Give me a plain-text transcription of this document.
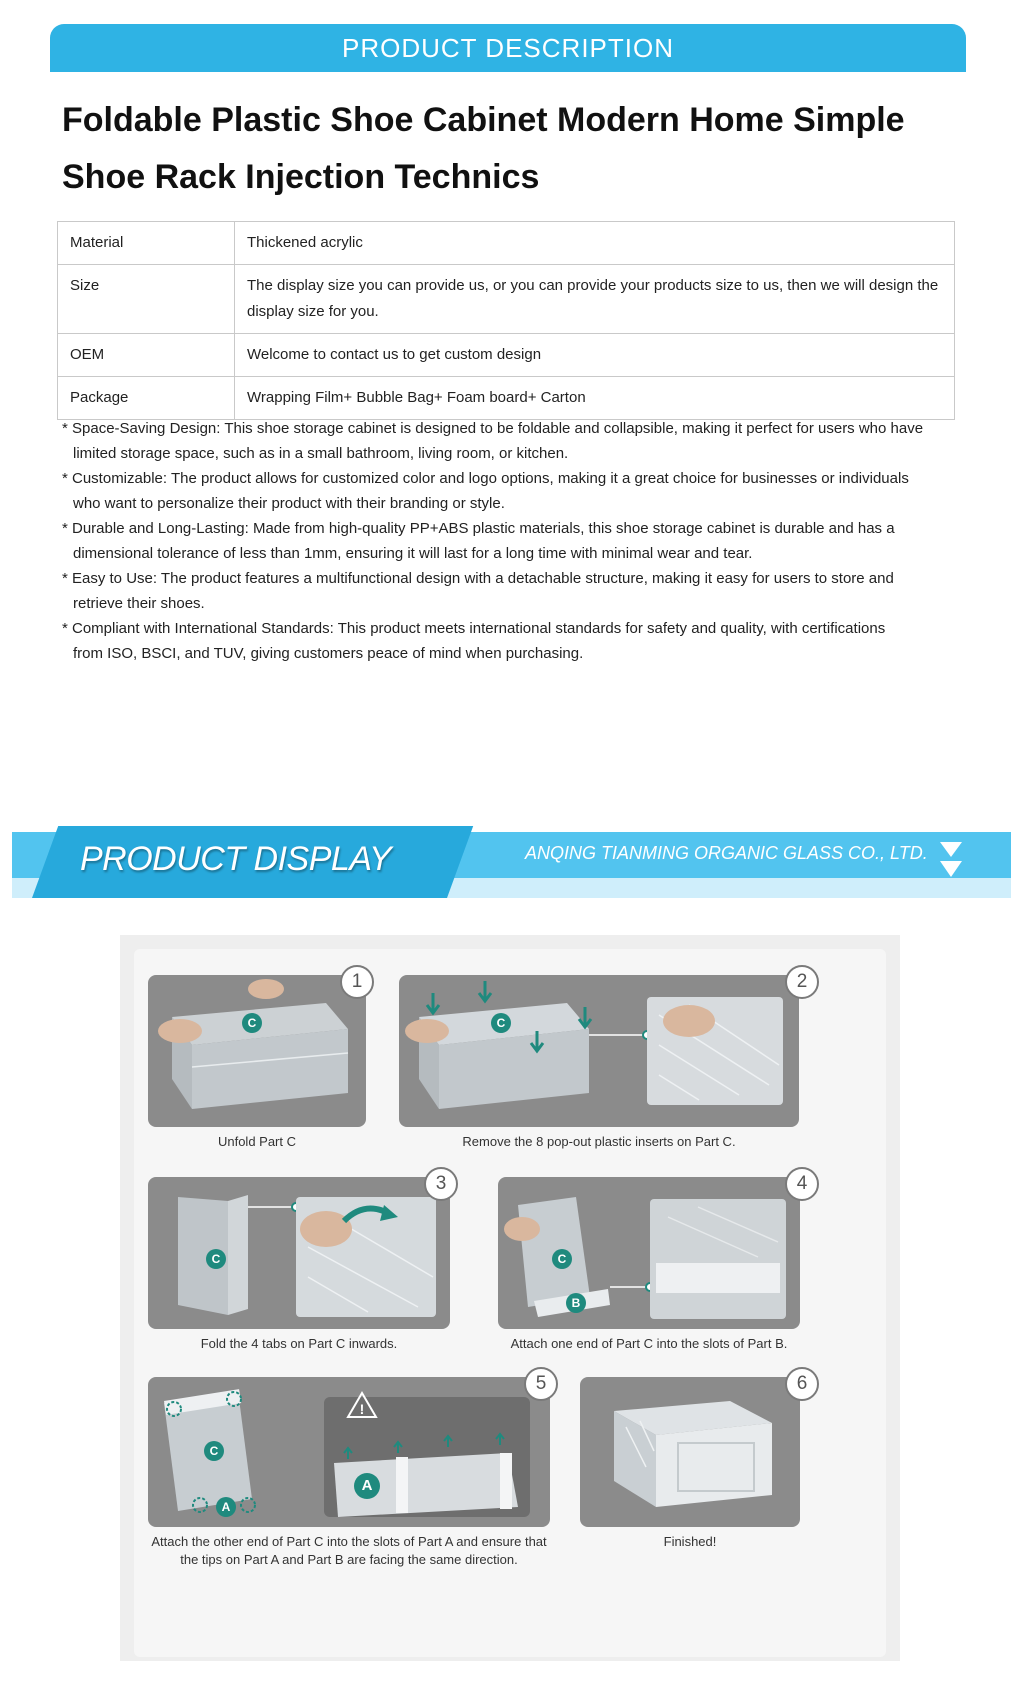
PRODUCT DESCRIPTION
Foldable Plastic Shoe Cabinet Modern Home Simple Shoe Rack Injection Technics
Material	Thickened acrylic
Size	The display size you can provide us, or you can provide your products size to us, then we will design the display size for you.
OEM	Welcome to contact us to get custom design
Package	Wrapping Film+ Bubble Bag+ Foam board+ Carton

* Space-Saving Design: This shoe storage cabinet is designed to be foldable and collapsible, making it perfect for users who have

limited storage space, such as in a small bathroom, living room, or kitchen.

* Customizable: The product allows for customized color and logo options, making it a great choice for businesses or individuals

who want to personalize their product with their branding or style.

* Durable and Long-Lasting: Made from high-quality PP+ABS plastic materials, this shoe storage cabinet is durable and has a

dimensional tolerance of less than 1mm, ensuring it will last for a long time with minimal wear and tear.

* Easy to Use: The product features a multifunctional design with a detachable structure, making it easy for users to store and

retrieve their shoes.

* Compliant with International Standards: This product meets international standards for safety and quality, with certifications

from ISO, BSCI, and TUV, giving customers peace of mind when purchasing.

PRODUCT DISPLAY	ANQING TIANMING ORGANIC GLASS CO., LTD.
C
1
Unfold Part C
C
2
Remove the 8 pop-out plastic inserts on Part C.
C
3
Fold the 4 tabs on Part C inwards.
C
B
4
Attach one end of Part C into the slots of Part B.
!
C
A
A
5
Attach the other end of Part C into the slots of Part A and ensure that
the tips on Part A and Part B are facing the same direction.
6
Finished!
